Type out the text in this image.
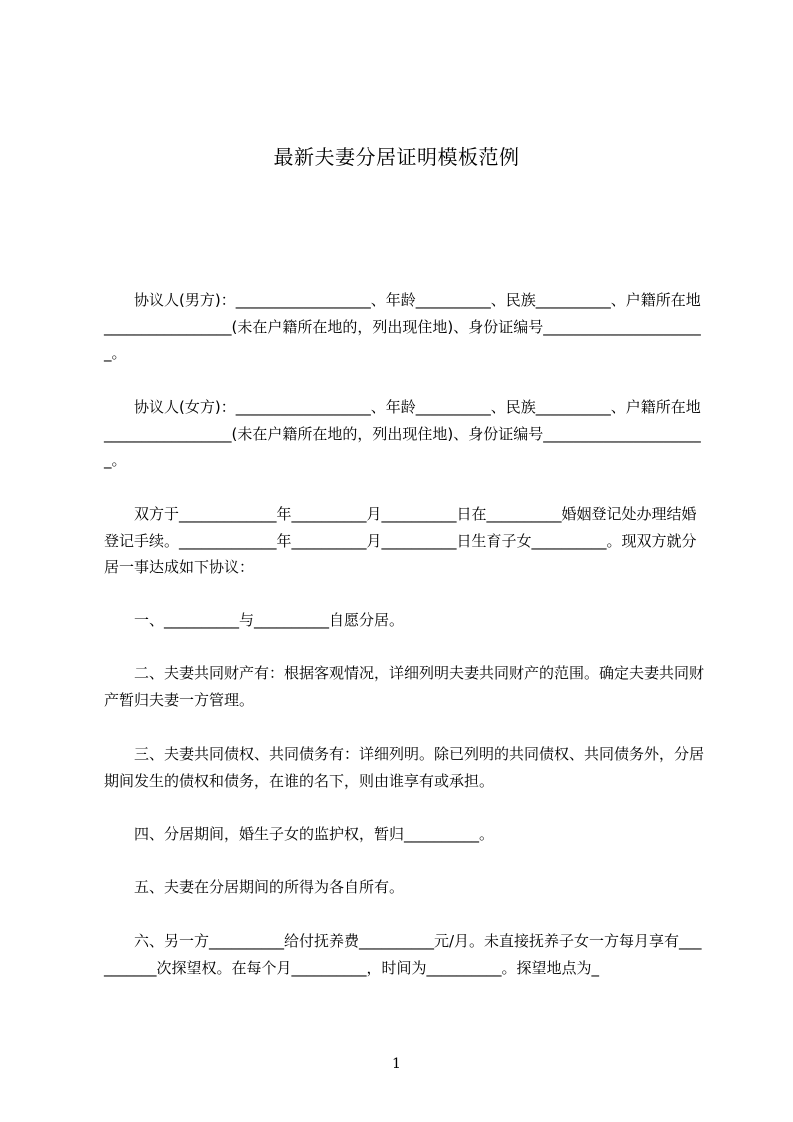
最新夫妻分居证明模板范例
　　协议人(男方)：__________________、年龄__________、民族__________、户籍所在地_________________(未在户籍所在地的，列出现住地)、身份证编号______________________。
　　协议人(女方)：__________________、年龄__________、民族__________、户籍所在地_________________(未在户籍所在地的，列出现住地)、身份证编号______________________。
　　双方于_____________年__________月__________日在__________婚姻登记处办理结婚登记手续。_____________年__________月__________日生育子女__________。现双方就分居一事达成如下协议：
　　一、__________与__________自愿分居。
　　二、夫妻共同财产有：根据客观情况，详细列明夫妻共同财产的范围。确定夫妻共同财产暂归夫妻一方管理。
　　三、夫妻共同债权、共同债务有：详细列明。除已列明的共同债权、共同债务外，分居期间发生的债权和债务，在谁的名下，则由谁享有或承担。
　　四、分居期间，婚生子女的监护权，暂归__________。
　　五、夫妻在分居期间的所得为各自所有。
　　六、另一方__________给付抚养费__________元/月。未直接抚养子女一方每月享有__________次探望权。在每个月__________，时间为__________。探望地点为_
1
